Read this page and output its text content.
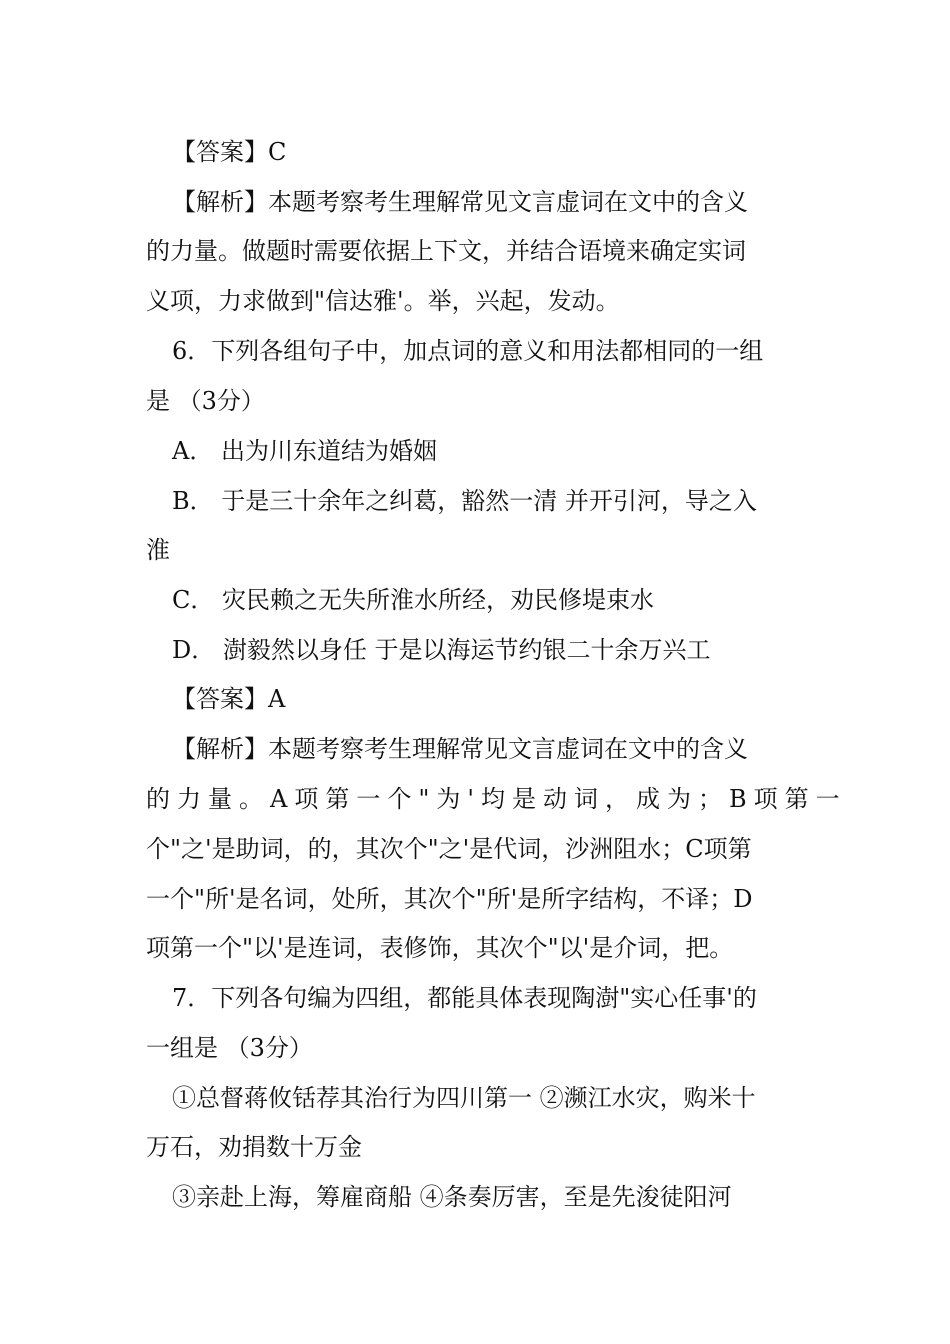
【答案】C
【解析】本题考察考生理解常见文言虚词在文中的含义
的力量。做题时需要依据上下文，并结合语境来确定实词
义项，力求做到"信达雅'。举，兴起，发动。
6．下列各组句子中，加点词的意义和用法都相同的一组
是 （3分）
A． 出为川东道结为婚姻
B． 于是三十余年之纠葛，豁然一清 并开引河，导之入
淮
C． 灾民赖之无失所淮水所经，劝民修堤束水
D． 澍毅然以身任 于是以海运节约银二十余万兴工
【答案】A
【解析】本题考察考生理解常见文言虚词在文中的含义
的力量。A项第一个"为'均是动词，成为；B项第一
个"之'是助词，的，其次个"之'是代词，沙洲阻水；C项第
一个"所'是名词，处所，其次个"所'是所字结构，不译；D
项第一个"以'是连词，表修饰，其次个"以'是介词，把。
7．下列各句编为四组，都能具体表现陶澍"实心任事'的
一组是 （3分）
①总督蒋攸铦荐其治行为四川第一 ②濒江水灾，购米十
万石，劝捐数十万金
③亲赴上海，筹雇商船 ④条奏厉害，至是先浚徒阳河
